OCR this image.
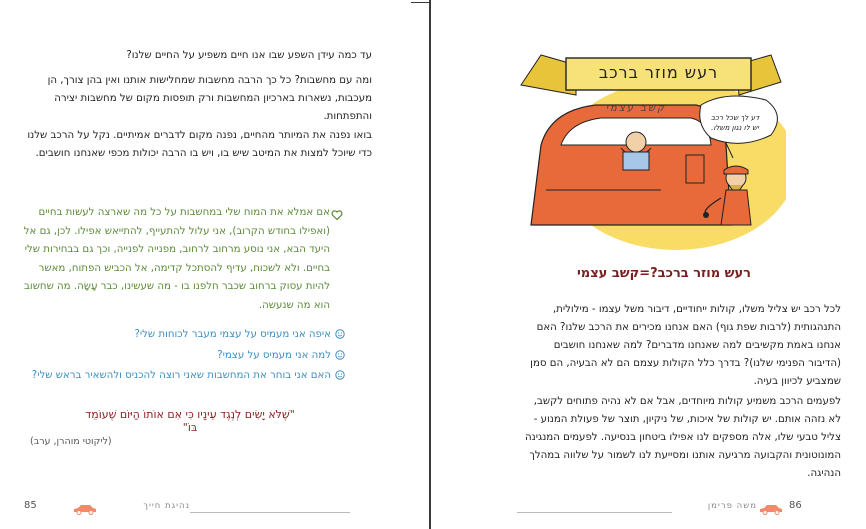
עד כמה עידן השפע שבו אנו חיים משפיע על החיים שלנו?
ומה עם מחשבות? כל כך הרבה מחשבות שמחלישות אותנו ואין בהן צורך, הן מעכבות, נשארות בארכיון המחשבות ורק תופסות מקום של מחשבות יצירה והתפתחות.
בואו נפנה את המיותר מהחיים, נפנה מקום לדברים אמיתיים. נקל על הרכב שלנו כדי שיוכל למצות את המיטב שיש בו, ויש בו הרבה יכולות מכפי שאנחנו חושבים.
אם אמלא את המוח שלי במחשבות על כל מה שארצה לעשות בחיים (ואפילו בחודש הקרוב), אני עלול להתעייף, להתייאש אפילו. לכן, גם אל היעד הבא, אני נוסע מרחוב לרחוב, מפנייה לפנייה, וכך גם בבחירות שלי בחיים. ולא לשכוח, עדיף להסתכל קדימה, אל הכביש הפתוח, מאשר להיות עסוק ברחוב שכבר חלפנו בו - מה שעשינו, כבר עָשָׂה. מה שחשוב הוא מה שנעשה.
איפה אני מעמיס על עצמי מעבר לכוחות שלי?
למה אני מעמיס על עצמי?
האם אני בוחר את המחשבות שאני רוצה להכניס ולהשאיר בראש שלי?
"שֶׁלֹּא יָשִׂים לְנֶגֶד עֵינָיו כִּי אִם אוֹתוֹ הַיּוֹם שֶׁעוֹמֵד בּוֹ"
(ליקוטי מוהרן, ערב)
85	נהיגת חייך
רעש מוזר ברכב
קשב עצמי
דע לך שכל רכב יש לו נגון משלו.
רעש מוזר ברכב?=קשב עצמי
לכל רכב יש צליל משלו, קולות ייחודיים, דיבור משל עצמו - מילולית, התנהגותית (לרבות שפת גוף) האם אנחנו מכירים את הרכב שלנו? האם אנחנו באמת מקשיבים למה שאנחנו מדברים? למה שאנחנו חושבים (הדיבור הפנימי שלנו)? בדרך כלל הקולות עצמם הם לא הבעיה, הם סמן שמצביע לכיוון בעיה.
לפעמים הרכב משמיע קולות מיוחדים, אבל אם לא נהיה פתוחים לקשב, לא נזהה אותם. יש קולות של איכות, של ניקיון, תוצר של פעולת המנוע - צליל טבעי שלו, אלה מספקים לנו אפילו ביטחון בנסיעה. לפעמים המנגינה המונוטונית והקבועה מרגיעה אותנו ומסייעת לנו לשמור על שלווה במהלך הנהיגה.
משה פרימן	86
